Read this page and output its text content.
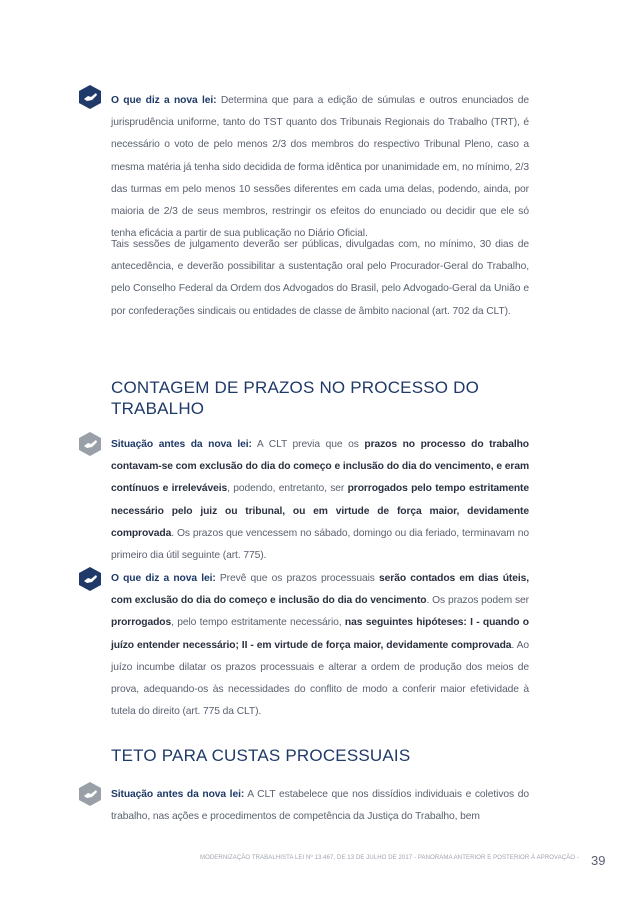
O que diz a nova lei: Determina que para a edição de súmulas e outros enunciados de jurisprudência uniforme, tanto do TST quanto dos Tribunais Regionais do Trabalho (TRT), é necessário o voto de pelo menos 2/3 dos membros do respectivo Tribunal Pleno, caso a mesma matéria já tenha sido decidida de forma idêntica por unanimidade em, no mínimo, 2/3 das turmas em pelo menos 10 sessões diferentes em cada uma delas, podendo, ainda, por maioria de 2/3 de seus membros, restringir os efeitos do enunciado ou decidir que ele só tenha eficácia a partir de sua publicação no Diário Oficial.

Tais sessões de julgamento deverão ser públicas, divulgadas com, no mínimo, 30 dias de antecedência, e deverão possibilitar a sustentação oral pelo Procurador-Geral do Trabalho, pelo Conselho Federal da Ordem dos Advogados do Brasil, pelo Advogado-Geral da União e por confederações sindicais ou entidades de classe de âmbito nacional (art. 702 da CLT).

CONTAGEM DE PRAZOS NO PROCESSO DO TRABALHO

Situação antes da nova lei: A CLT previa que os prazos no processo do trabalho contavam-se com exclusão do dia do começo e inclusão do dia do vencimento, e eram contínuos e irreleváveis, podendo, entretanto, ser prorrogados pelo tempo estritamente necessário pelo juiz ou tribunal, ou em virtude de força maior, devidamente comprovada. Os prazos que vencessem no sábado, domingo ou dia feriado, terminavam no primeiro dia útil seguinte (art. 775).

O que diz a nova lei: Prevê que os prazos processuais serão contados em dias úteis, com exclusão do dia do começo e inclusão do dia do vencimento. Os prazos podem ser prorrogados, pelo tempo estritamente necessário, nas seguintes hipóteses: I - quando o juízo entender necessário; II - em virtude de força maior, devidamente comprovada. Ao juízo incumbe dilatar os prazos processuais e alterar a ordem de produção dos meios de prova, adequando-os às necessidades do conflito de modo a conferir maior efetividade à tutela do direito (art. 775 da CLT).

TETO PARA CUSTAS PROCESSUAIS

Situação antes da nova lei: A CLT estabelece que nos dissídios individuais e coletivos do trabalho, nas ações e procedimentos de competência da Justiça do Trabalho, bem

MODERNIZAÇÃO TRABALHISTA LEI Nº 13.467, DE 13 DE JULHO DE 2017 - PANORAMA ANTERIOR E POSTERIOR À APROVAÇÃO - 39
